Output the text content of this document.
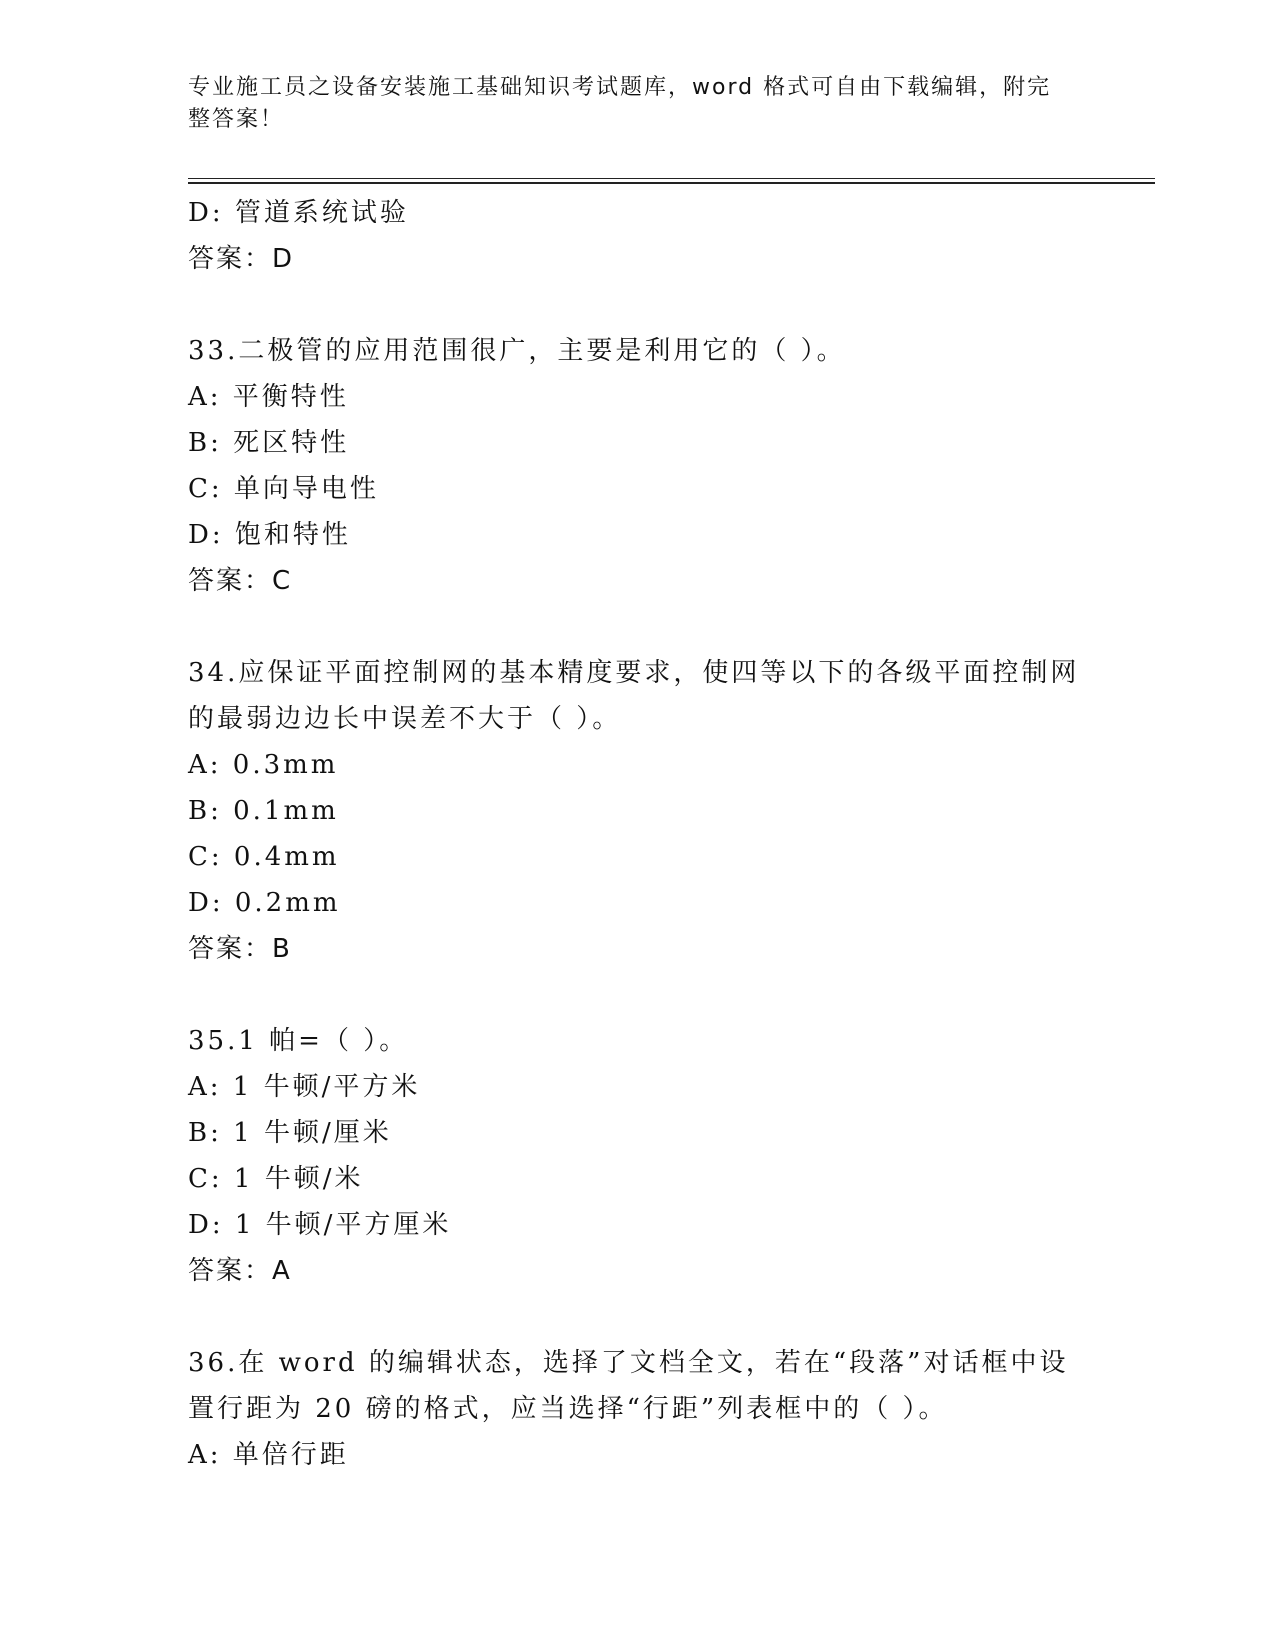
专业施工员之设备安装施工基础知识考试题库，word 格式可自由下载编辑，附完
整答案！
D: 管道系统试验
答案：D
33.二极管的应用范围很广，主要是利用它的（ ）。
A: 平衡特性
B: 死区特性
C: 单向导电性
D: 饱和特性
答案：C
34.应保证平面控制网的基本精度要求，使四等以下的各级平面控制网
的最弱边边长中误差不大于（ ）。
A: 0.3mm
B: 0.1mm
C: 0.4mm
D: 0.2mm
答案：B
35.1 帕=（ ）。
A: 1 牛顿/平方米
B: 1 牛顿/厘米
C: 1 牛顿/米
D: 1 牛顿/平方厘米
答案：A
36.在 word 的编辑状态，选择了文档全文，若在“段落”对话框中设
置行距为 20 磅的格式，应当选择“行距”列表框中的（ ）。
A: 单倍行距
